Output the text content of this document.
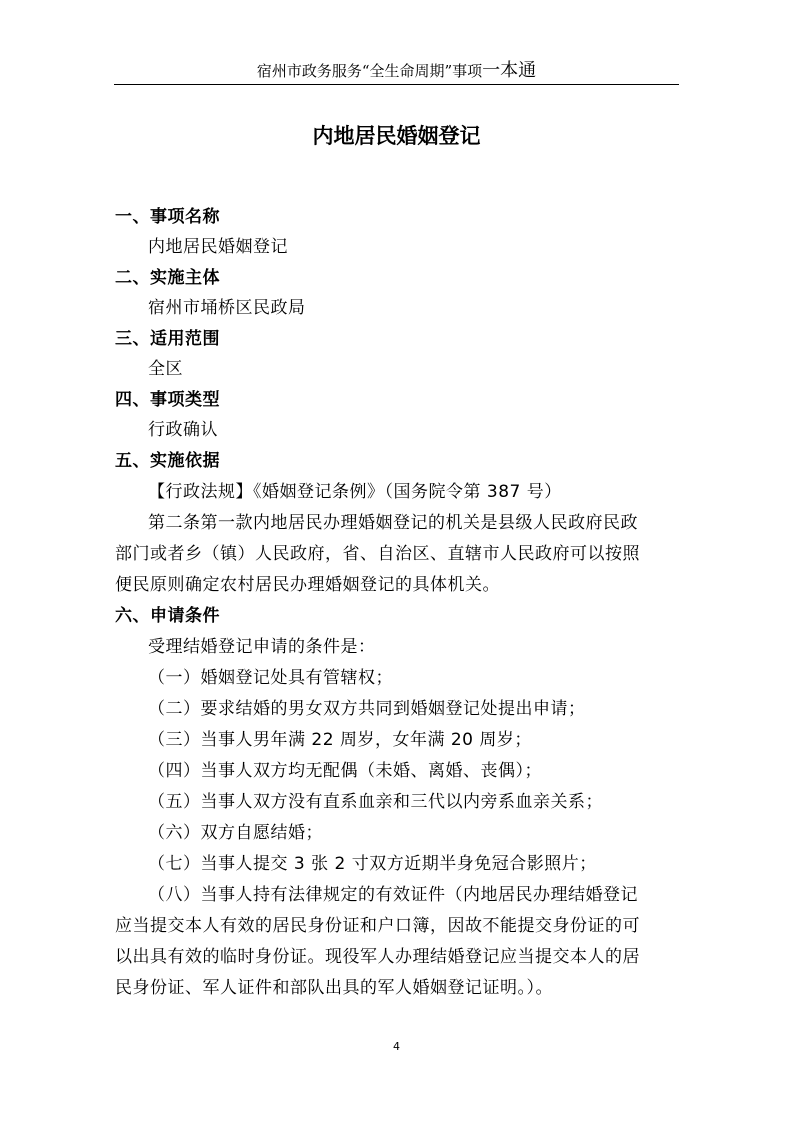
宿州市政务服务“全生命周期”事项一本通
内地居民婚姻登记
一、事项名称
内地居民婚姻登记
二、实施主体
宿州市埇桥区民政局
三、适用范围
全区
四、事项类型
行政确认
五、实施依据
【行政法规】《婚姻登记条例》（国务院令第 387 号）
第二条第一款内地居民办理婚姻登记的机关是县级人民政府民政
部门或者乡（镇）人民政府，省、自治区、直辖市人民政府可以按照
便民原则确定农村居民办理婚姻登记的具体机关。
六、申请条件
受理结婚登记申请的条件是：
（一）婚姻登记处具有管辖权；
（二）要求结婚的男女双方共同到婚姻登记处提出申请；
（三）当事人男年满 22 周岁，女年满 20 周岁；
（四）当事人双方均无配偶（未婚、离婚、丧偶）；
（五）当事人双方没有直系血亲和三代以内旁系血亲关系；
（六）双方自愿结婚；
（七）当事人提交 3 张 2 寸双方近期半身免冠合影照片；
（八）当事人持有法律规定的有效证件（内地居民办理结婚登记
应当提交本人有效的居民身份证和户口簿，因故不能提交身份证的可
以出具有效的临时身份证。现役军人办理结婚登记应当提交本人的居
民身份证、军人证件和部队出具的军人婚姻登记证明。）。
4
